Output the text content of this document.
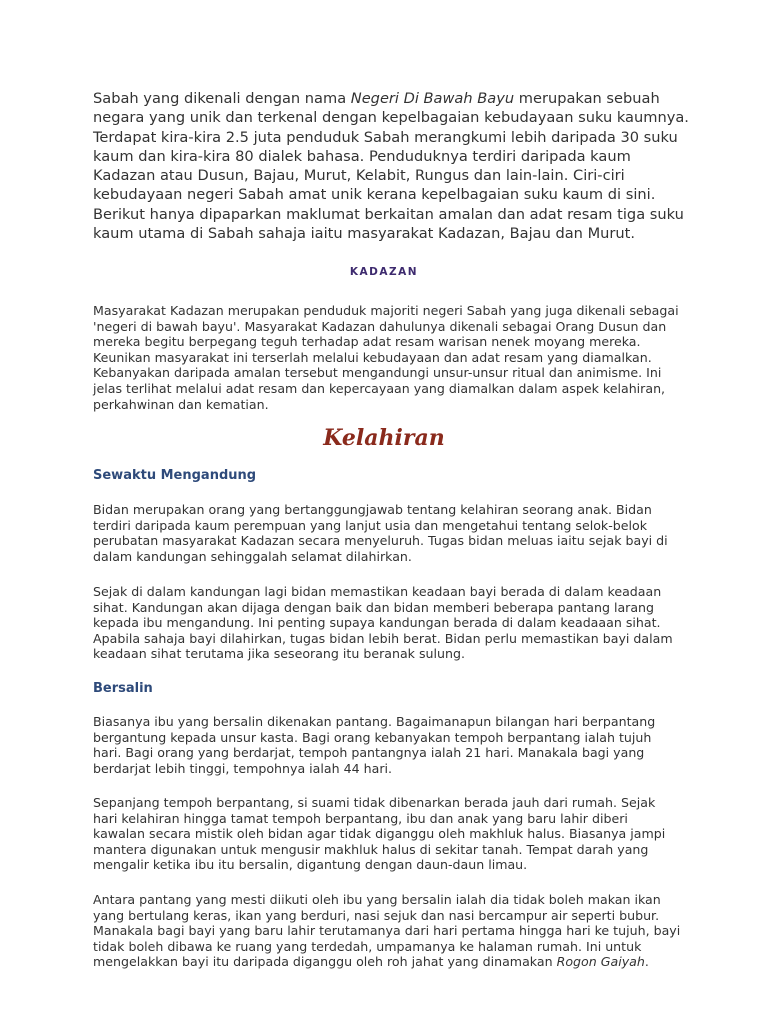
Sabah yang dikenali dengan nama Negeri Di Bawah Bayu merupakan sebuah negara yang unik dan terkenal dengan kepelbagaian kebudayaan suku kaumnya. Terdapat kira-kira 2.5 juta penduduk Sabah merangkumi lebih daripada 30 suku kaum dan kira-kira 80 dialek bahasa. Penduduknya terdiri daripada kaum Kadazan atau Dusun, Bajau, Murut, Kelabit, Rungus dan lain-lain. Ciri-ciri kebudayaan negeri Sabah amat unik kerana kepelbagaian suku kaum di sini. Berikut hanya dipaparkan maklumat berkaitan amalan dan adat resam tiga suku kaum utama di Sabah sahaja iaitu masyarakat Kadazan, Bajau dan Murut.

KADAZAN

Masyarakat Kadazan merupakan penduduk majoriti negeri Sabah yang juga dikenali sebagai 'negeri di bawah bayu'. Masyarakat Kadazan dahulunya dikenali sebagai Orang Dusun dan mereka begitu berpegang teguh terhadap adat resam warisan nenek moyang mereka. Keunikan masyarakat ini terserlah melalui kebudayaan dan adat resam yang diamalkan. Kebanyakan daripada amalan tersebut mengandungi unsur-unsur ritual dan animisme. Ini jelas terlihat melalui adat resam dan kepercayaan yang diamalkan dalam aspek kelahiran, perkahwinan dan kematian.

Kelahiran
Sewaktu Mengandung

Bidan merupakan orang yang bertanggungjawab tentang kelahiran seorang anak. Bidan terdiri daripada kaum perempuan yang lanjut usia dan mengetahui tentang selok-belok perubatan masyarakat Kadazan secara menyeluruh. Tugas bidan meluas iaitu sejak bayi di dalam kandungan sehinggalah selamat dilahirkan.

Sejak di dalam kandungan lagi bidan memastikan keadaan bayi berada di dalam keadaan sihat. Kandungan akan dijaga dengan baik dan bidan memberi beberapa pantang larang kepada ibu mengandung. Ini penting supaya kandungan berada di dalam keadaaan sihat. Apabila sahaja bayi dilahirkan, tugas bidan lebih berat. Bidan perlu memastikan bayi dalam keadaan sihat terutama jika seseorang itu beranak sulung.

Bersalin

Biasanya ibu yang bersalin dikenakan pantang. Bagaimanapun bilangan hari berpantang bergantung kepada unsur kasta. Bagi orang kebanyakan tempoh berpantang ialah tujuh hari. Bagi orang yang berdarjat, tempoh pantangnya ialah 21 hari. Manakala bagi yang berdarjat lebih tinggi, tempohnya ialah 44 hari.

Sepanjang tempoh berpantang, si suami tidak dibenarkan berada jauh dari rumah. Sejak hari kelahiran hingga tamat tempoh berpantang, ibu dan anak yang baru lahir diberi kawalan secara mistik oleh bidan agar tidak diganggu oleh makhluk halus. Biasanya jampi mantera digunakan untuk mengusir makhluk halus di sekitar tanah. Tempat darah yang mengalir ketika ibu itu bersalin, digantung dengan daun-daun limau.

Antara pantang yang mesti diikuti oleh ibu yang bersalin ialah dia tidak boleh makan ikan yang bertulang keras, ikan yang berduri, nasi sejuk dan nasi bercampur air seperti bubur. Manakala bagi bayi yang baru lahir terutamanya dari hari pertama hingga hari ke tujuh, bayi tidak boleh dibawa ke ruang yang terdedah, umpamanya ke halaman rumah. Ini untuk mengelakkan bayi itu daripada diganggu oleh roh jahat yang dinamakan Rogon Gaiyah.
